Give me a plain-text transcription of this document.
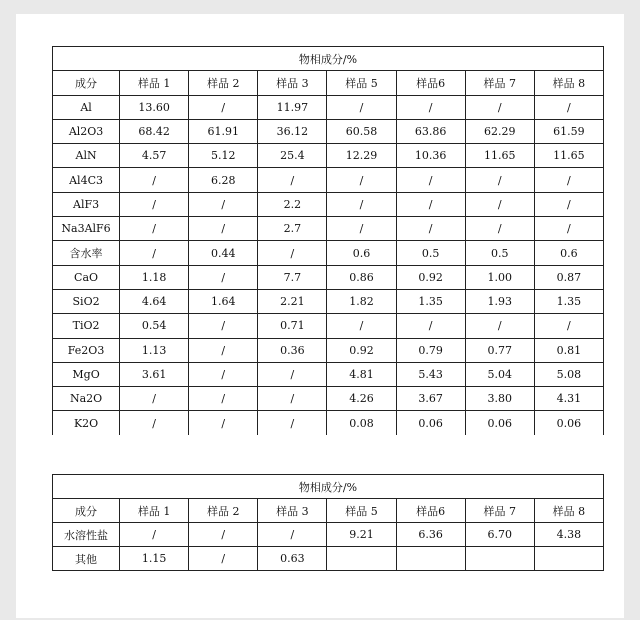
物相成分/%							
成分	样品 1	样品 2	样品 3	样品 5	样品6	样品 7	样品 8
Al	13.60	/	11.97	/	/	/	/
Al2O3	68.42	61.91	36.12	60.58	63.86	62.29	61.59
AlN	4.57	5.12	25.4	12.29	10.36	11.65	11.65
Al4C3	/	6.28	/	/	/	/	/
AlF3	/	/	2.2	/	/	/	/
Na3AlF6	/	/	2.7	/	/	/	/
含水率	/	0.44	/	0.6	0.5	0.5	0.6
CaO	1.18	/	7.7	0.86	0.92	1.00	0.87
SiO2	4.64	1.64	2.21	1.82	1.35	1.93	1.35
TiO2	0.54	/	0.71	/	/	/	/
Fe2O3	1.13	/	0.36	0.92	0.79	0.77	0.81
MgO	3.61	/	/	4.81	5.43	5.04	5.08
Na2O	/	/	/	4.26	3.67	3.80	4.31
K2O	/	/	/	0.08	0.06	0.06	0.06
物相成分/%							
成分	样品 1	样品 2	样品 3	样品 5	样品6	样品 7	样品 8
水溶性盐	/	/	/	9.21	6.36	6.70	4.38
其他	1.15	/	0.63				
